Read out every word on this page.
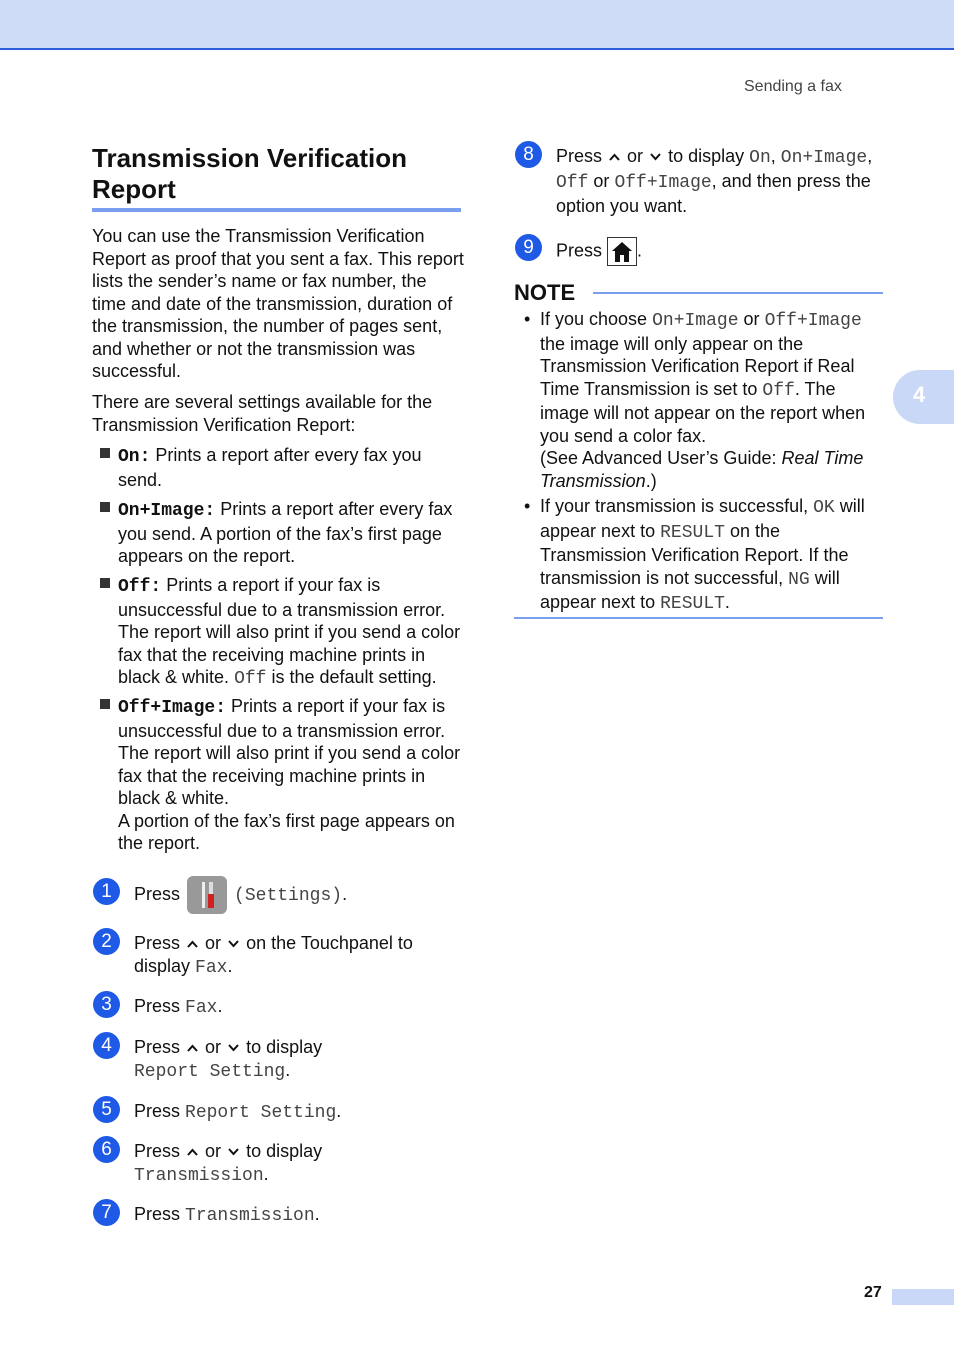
Sending a fax
4
Transmission Verification Report
You can use the Transmission Verification Report as proof that you sent a fax. This report lists the sender’s name or fax number, the time and date of the transmission, duration of the transmission, the number of pages sent, and whether or not the transmission was successful.
There are several settings available for the Transmission Verification Report:
On: Prints a report after every fax you send.
On+Image: Prints a report after every fax you send. A portion of the fax’s first page appears on the report.
Off: Prints a report if your fax is unsuccessful due to a transmission error. The report will also print if you send a color fax that the receiving machine prints in black & white. Off is the default setting.
Off+Image: Prints a report if your fax is unsuccessful due to a transmission error. The report will also print if you send a color fax that the receiving machine prints in black & white.
A portion of the fax’s first page appears on the report.
1	Press	(Settings).
2	Press or on the Touchpanel to display Fax.
3	Press Fax.
4	Press or to display
Report Setting.
5	Press Report Setting.
6	Press or to display
Transmission.
7	Press Transmission.
8	Press or to display On, On+Image, Off or Off+Image, and then press the option you want.
9	Press .
NOTE
• If you choose On+Image or Off+Image the image will only appear on the Transmission Verification Report if Real Time Transmission is set to Off. The image will not appear on the report when you send a color fax.
(See Advanced User’s Guide: Real Time Transmission.)
• If your transmission is successful, OK will appear next to RESULT on the Transmission Verification Report. If the transmission is not successful, NG will appear next to RESULT.
27
